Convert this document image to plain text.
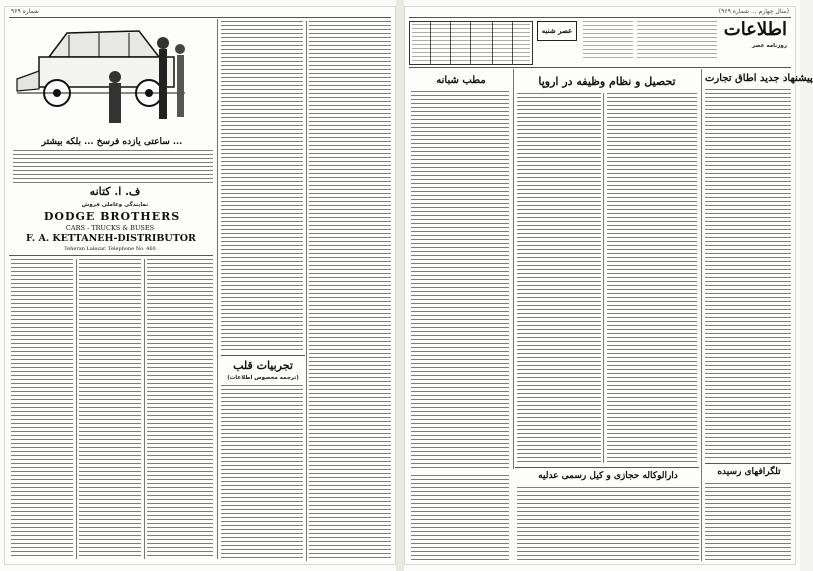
شماره ۹۶۹
ساعتی یازده فرسخ ... بلکه بیشتر ...
ف. ا. کتانه
نمایندگی وعاملی فروش
DODGE BROTHERS
CARS - TRUCKS & BUSES
F. A. KETTANEH-DISTRIBUTOR
Teheran Lalezar. Telephone No. 460
تجربیات قلب
(ترجمه مخصوص اطلاعات)
(سال چهارم ... شماره ۹۶۹)
اطلاعات
روزنامه عصر
عصر شنبه
پیشنهاد جدید اطاق تجارت
تلگرافهای رسیده
تحصیل و نظام وظیفه در اروپا
مطب شبانه
دارالوکاله حجازی و کیل رسمی عدلیه
